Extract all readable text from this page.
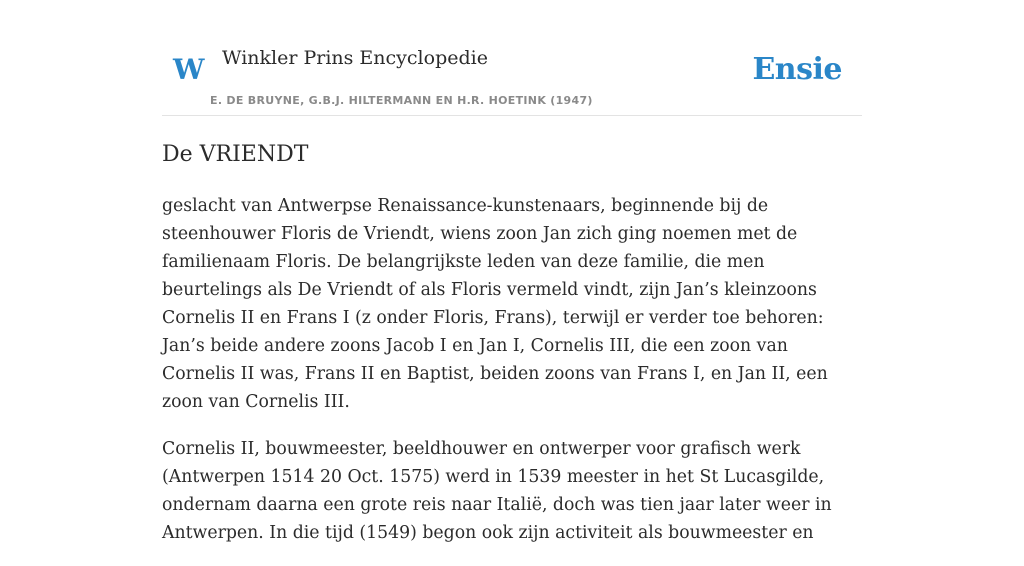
W Winkler Prins Encyclopedie
E. DE BRUYNE, G.B.J. HILTERMANN EN H.R. HOETINK (1947)
Ensie
De VRIENDT

geslacht van Antwerpse Renaissance-kunstenaars, beginnende bij de steenhouwer Floris de Vriendt, wiens zoon Jan zich ging noemen met de familienaam Floris. De belangrijkste leden van deze familie, die men beurtelings als De Vriendt of als Floris vermeld vindt, zijn Jan’s kleinzoons Cornelis II en Frans I (z onder Floris, Frans), terwijl er verder toe behoren: Jan’s beide andere zoons Jacob I en Jan I, Cornelis III, die een zoon van Cornelis II was, Frans II en Baptist, beiden zoons van Frans I, en Jan II, een zoon van Cornelis III.

Cornelis II, bouwmeester, beeldhouwer en ontwerper voor grafisch werk (Antwerpen 1514 20 Oct. 1575) werd in 1539 meester in het St Lucasgilde, ondernam daarna een grote reis naar Italië, doch was tien jaar later weer in Antwerpen. In die tijd (1549) begon ook zijn activiteit als bouwmeester en
